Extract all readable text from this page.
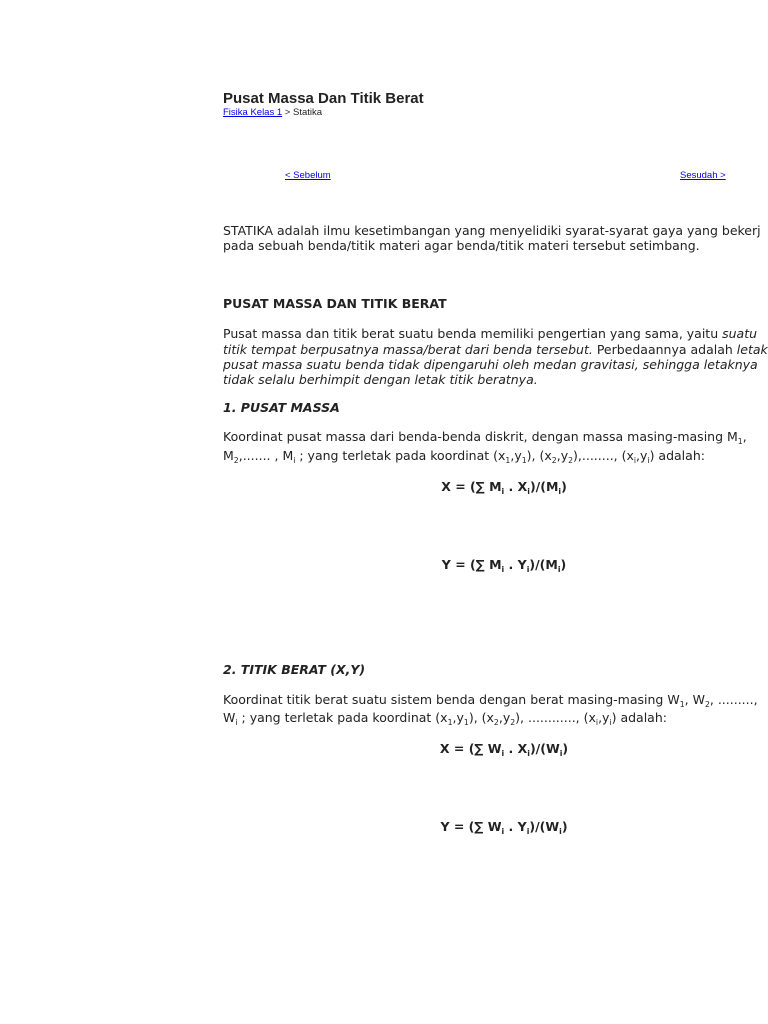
Pusat Massa Dan Titik Berat
Fisika Kelas 1 > Statika
< Sebelum	Sesudah >
STATIKA adalah ilmu kesetimbangan yang menyelidiki syarat-syarat gaya yang bekerj
pada sebuah benda/titik materi agar benda/titik materi tersebut setimbang.
PUSAT MASSA DAN TITIK BERAT
Pusat massa dan titik berat suatu benda memiliki pengertian yang sama, yaitu suatu
titik tempat berpusatnya massa/berat dari benda tersebut. Perbedaannya adalah letak
pusat massa suatu benda tidak dipengaruhi oleh medan gravitasi, sehingga letaknya
tidak selalu berhimpit dengan letak titik beratnya.
1. PUSAT MASSA
Koordinat pusat massa dari benda-benda diskrit, dengan massa masing-masing $M_1$,
$M_2$,....... , $M_i$ ; yang terletak pada koordinat $(x_1,y_1)$, $(x_2,y_2)$,........, $(x_i,y_i)$ adalah:
X = (∑ $M_i$ . $X_i)/(M_i)$
Y = (∑ $M_i$ . $Y_i)/(M_i)$
2. TITIK BERAT (X,Y)
Koordinat titik berat suatu sistem benda dengan berat masing-masing $W_1$, $W_2$, .........,
$W_i$ ; yang terletak pada koordinat $(x_1,y_1)$, $(x_2,y_2)$, ............, $(x_i,y_i)$ adalah:
X = (∑ $W_i$ . $X_i)/(W_i)$
Y = (∑ $W_i$ . $Y_i)/(W_i)$
